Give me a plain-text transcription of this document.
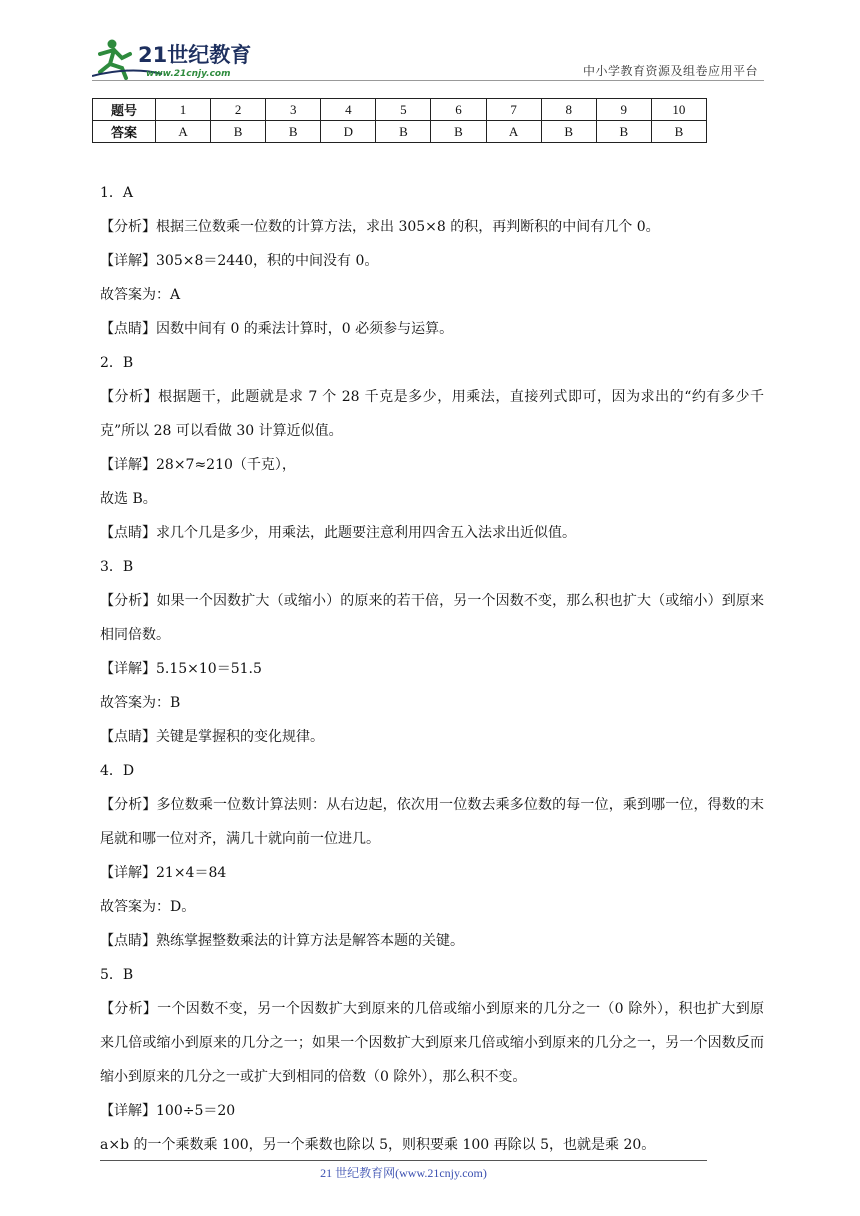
21世纪教育
www.21cnjy.com	中小学教育资源及组卷应用平台
题号	1	2	3	4	5	6	7	8	9	10
答案	A	B	B	D	B	B	A	B	B	B

1．A

【分析】根据三位数乘一位数的计算方法，求出 305×8 的积，再判断积的中间有几个 0。

【详解】305×8＝2440，积的中间没有 0。

故答案为：A

【点睛】因数中间有 0 的乘法计算时，0 必须参与运算。

2．B

【分析】根据题干，此题就是求 7 个 28 千克是多少，用乘法，直接列式即可，因为求出的“约有多少千克”所以 28 可以看做 30 计算近似值。

【详解】28×7≈210（千克），

故选 B。

【点睛】求几个几是多少，用乘法，此题要注意利用四舍五入法求出近似值。

3．B

【分析】如果一个因数扩大（或缩小）的原来的若干倍，另一个因数不变，那么积也扩大（或缩小）到原来相同倍数。

【详解】5.15×10＝51.5

故答案为：B

【点睛】关键是掌握积的变化规律。

4．D

【分析】多位数乘一位数计算法则：从右边起，依次用一位数去乘多位数的每一位，乘到哪一位，得数的末尾就和哪一位对齐，满几十就向前一位进几。

【详解】21×4＝84

故答案为：D。

【点睛】熟练掌握整数乘法的计算方法是解答本题的关键。

5．B

【分析】一个因数不变，另一个因数扩大到原来的几倍或缩小到原来的几分之一（0 除外），积也扩大到原来几倍或缩小到原来的几分之一；如果一个因数扩大到原来几倍或缩小到原来的几分之一，另一个因数反而缩小到原来的几分之一或扩大到相同的倍数（0 除外），那么积不变。

【详解】100÷5＝20

a×b 的一个乘数乘 100，另一个乘数也除以 5，则积要乘 100 再除以 5，也就是乘 20。

21 世纪教育网(www.21cnjy.com)
